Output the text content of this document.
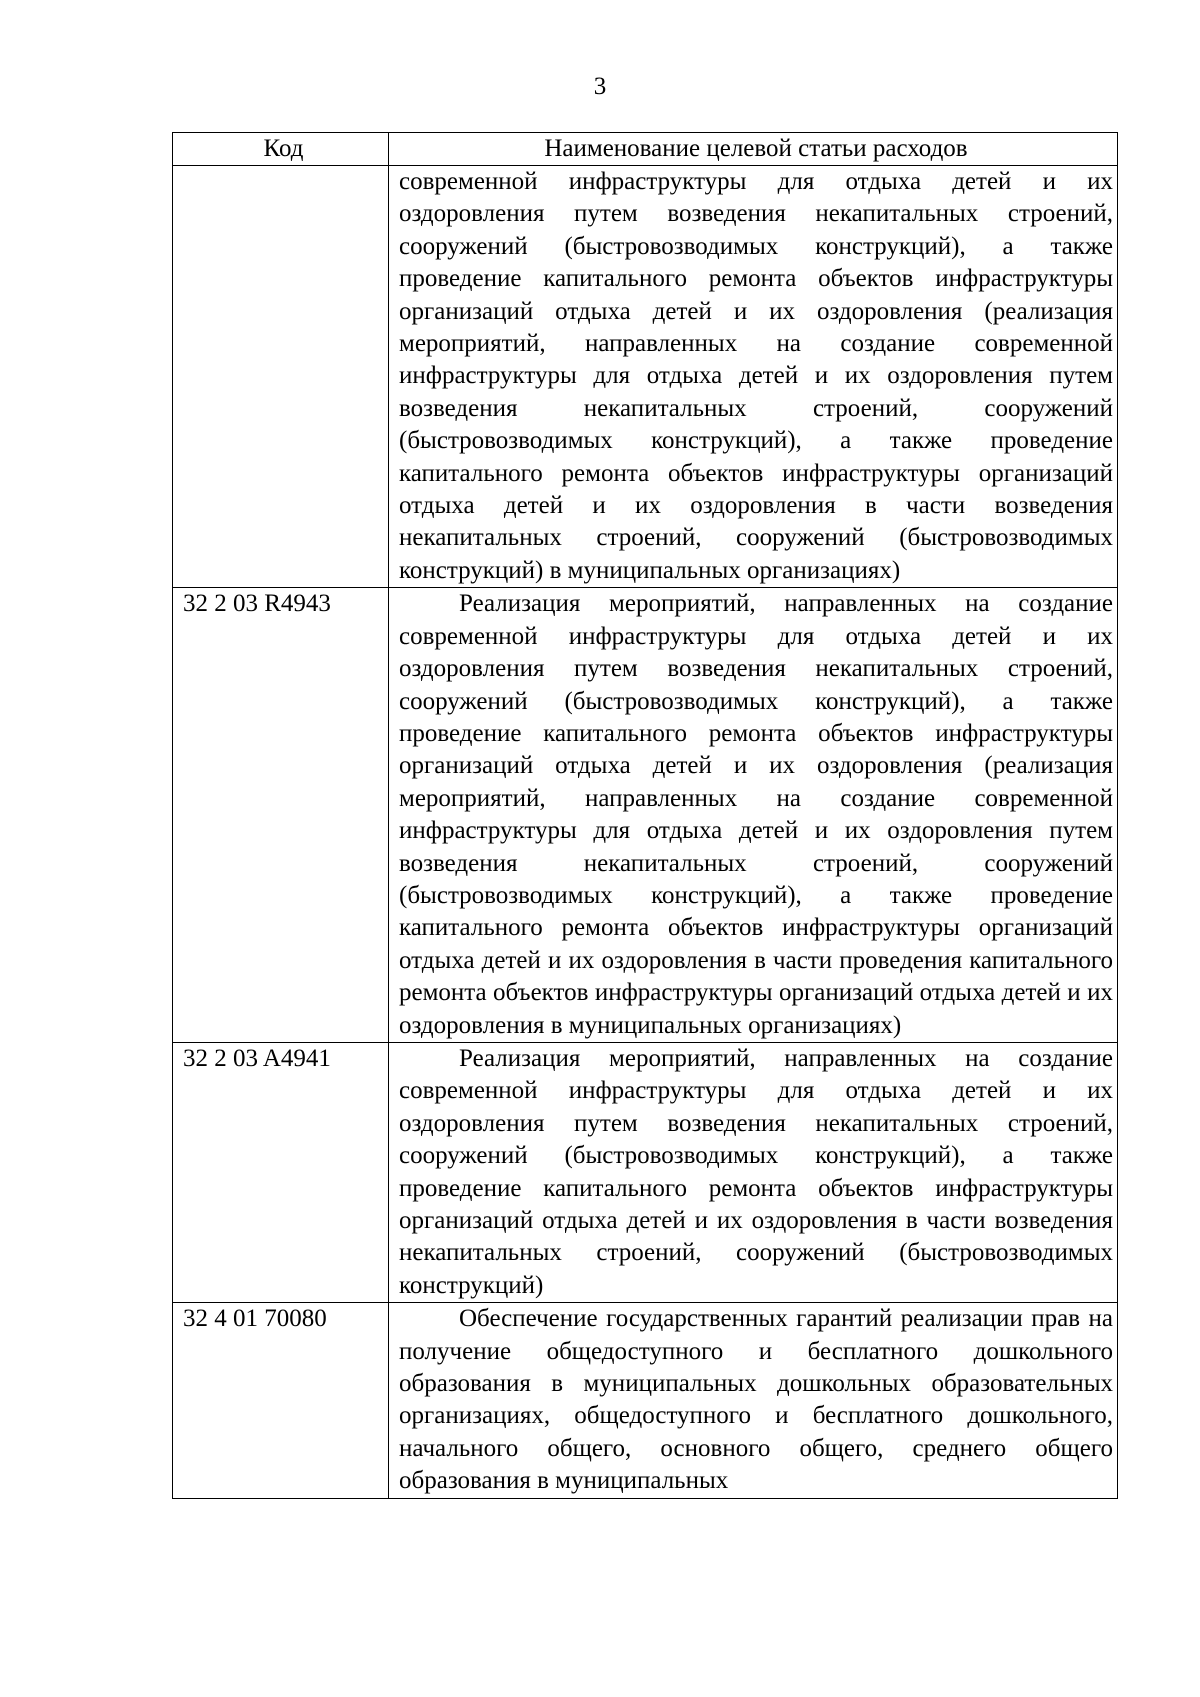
3
Код	Наименование целевой статьи расходов
	современной инфраструктуры для отдыха детей и их оздоровления путем возведения некапитальных строений, сооружений (быстровозводимых конструкций), а также проведение капитального ремонта объектов инфраструктуры организаций отдыха детей и их оздоровления (реализация мероприятий, направленных на создание современной инфраструктуры для отдыха детей и их оздоровления путем возведения некапитальных строений, сооружений (быстровозводимых конструкций), а также проведение капитального ремонта объектов инфраструктуры организаций отдыха детей и их оздоровления в части возведения некапитальных строений, сооружений (быстровозводимых конструкций) в муниципальных организациях)
32 2 03 R4943	Реализация мероприятий, направленных на создание современной инфраструктуры для отдыха детей и их оздоровления путем возведения некапитальных строений, сооружений (быстровозводимых конструкций), а также проведение капитального ремонта объектов инфраструктуры организаций отдыха детей и их оздоровления (реализация мероприятий, направленных на создание современной инфраструктуры для отдыха детей и их оздоровления путем возведения некапитальных строений, сооружений (быстровозводимых конструкций), а также проведение капитального ремонта объектов инфраструктуры организаций отдыха детей и их оздоровления в части проведения капитального ремонта объектов инфраструктуры организаций отдыха детей и их оздоровления в муниципальных организациях)
32 2 03 A4941	Реализация мероприятий, направленных на создание современной инфраструктуры для отдыха детей и их оздоровления путем возведения некапитальных строений, сооружений (быстровозводимых конструкций), а также проведение капитального ремонта объектов инфраструктуры организаций отдыха детей и их оздоровления в части возведения некапитальных строений, сооружений (быстровозводимых конструкций)
32 4 01 70080	Обеспечение государственных гарантий реализации прав на получение общедоступного и бесплатного дошкольного образования в муниципальных дошкольных образовательных организациях, общедоступного и бесплатного дошкольного, начального общего, основного общего, среднего общего образования в муниципальных
